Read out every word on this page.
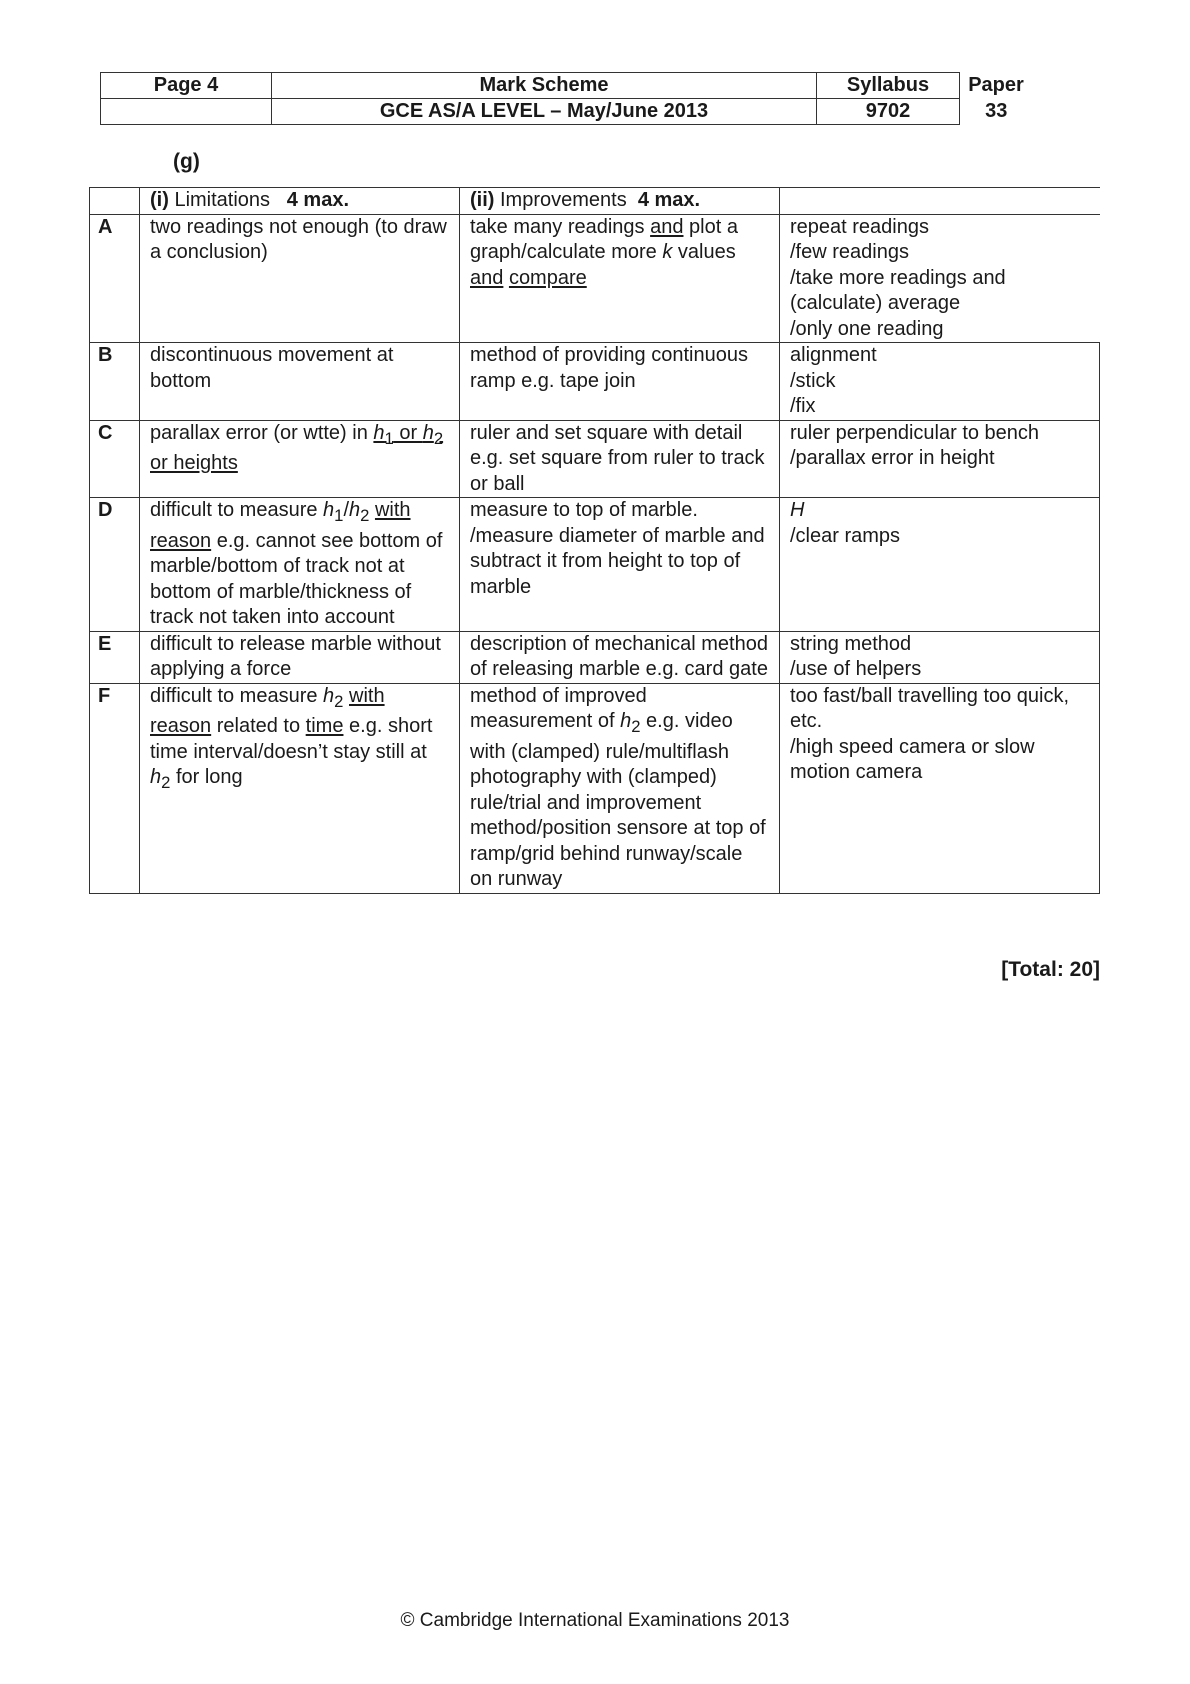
Page 4	Mark Scheme	Syllabus	Paper
	GCE AS/A LEVEL – May/June 2013	9702	33
(g)
	(i) Limitations 4 max.	(ii) Improvements 4 max.	
A	two readings not enough (to draw a conclusion)	take many readings and plot a graph/calculate more k values and compare	repeat readings
/few readings
/take more readings and (calculate) average
/only one reading
B	discontinuous movement at bottom	method of providing continuous ramp e.g. tape join	alignment
/stick
/fix
C	parallax error (or wtte) in $h_1$ or $h_2$ or heights	ruler and set square with detail e.g. set square from ruler to track or ball	ruler perpendicular to bench
/parallax error in height
D	difficult to measure $h_1/h_2$ with reason e.g. cannot see bottom of marble/bottom of track not at bottom of marble/thickness of track not taken into account	measure to top of marble.
/measure diameter of marble and subtract it from height to top of marble	H
/clear ramps
E	difficult to release marble without applying a force	description of mechanical method of releasing marble e.g. card gate	string method
/use of helpers
F	difficult to measure $h_2$ with reason related to time e.g. short time interval/doesn’t stay still at $h_2$ for long	method of improved measurement of $h_2$ e.g. video with (clamped) rule/multiflash photography with (clamped) rule/trial and improvement method/position sensore at top of ramp/grid behind runway/scale on runway	too fast/ball travelling too quick, etc.
/high speed camera or slow motion camera
[Total: 20]
© Cambridge International Examinations 2013
